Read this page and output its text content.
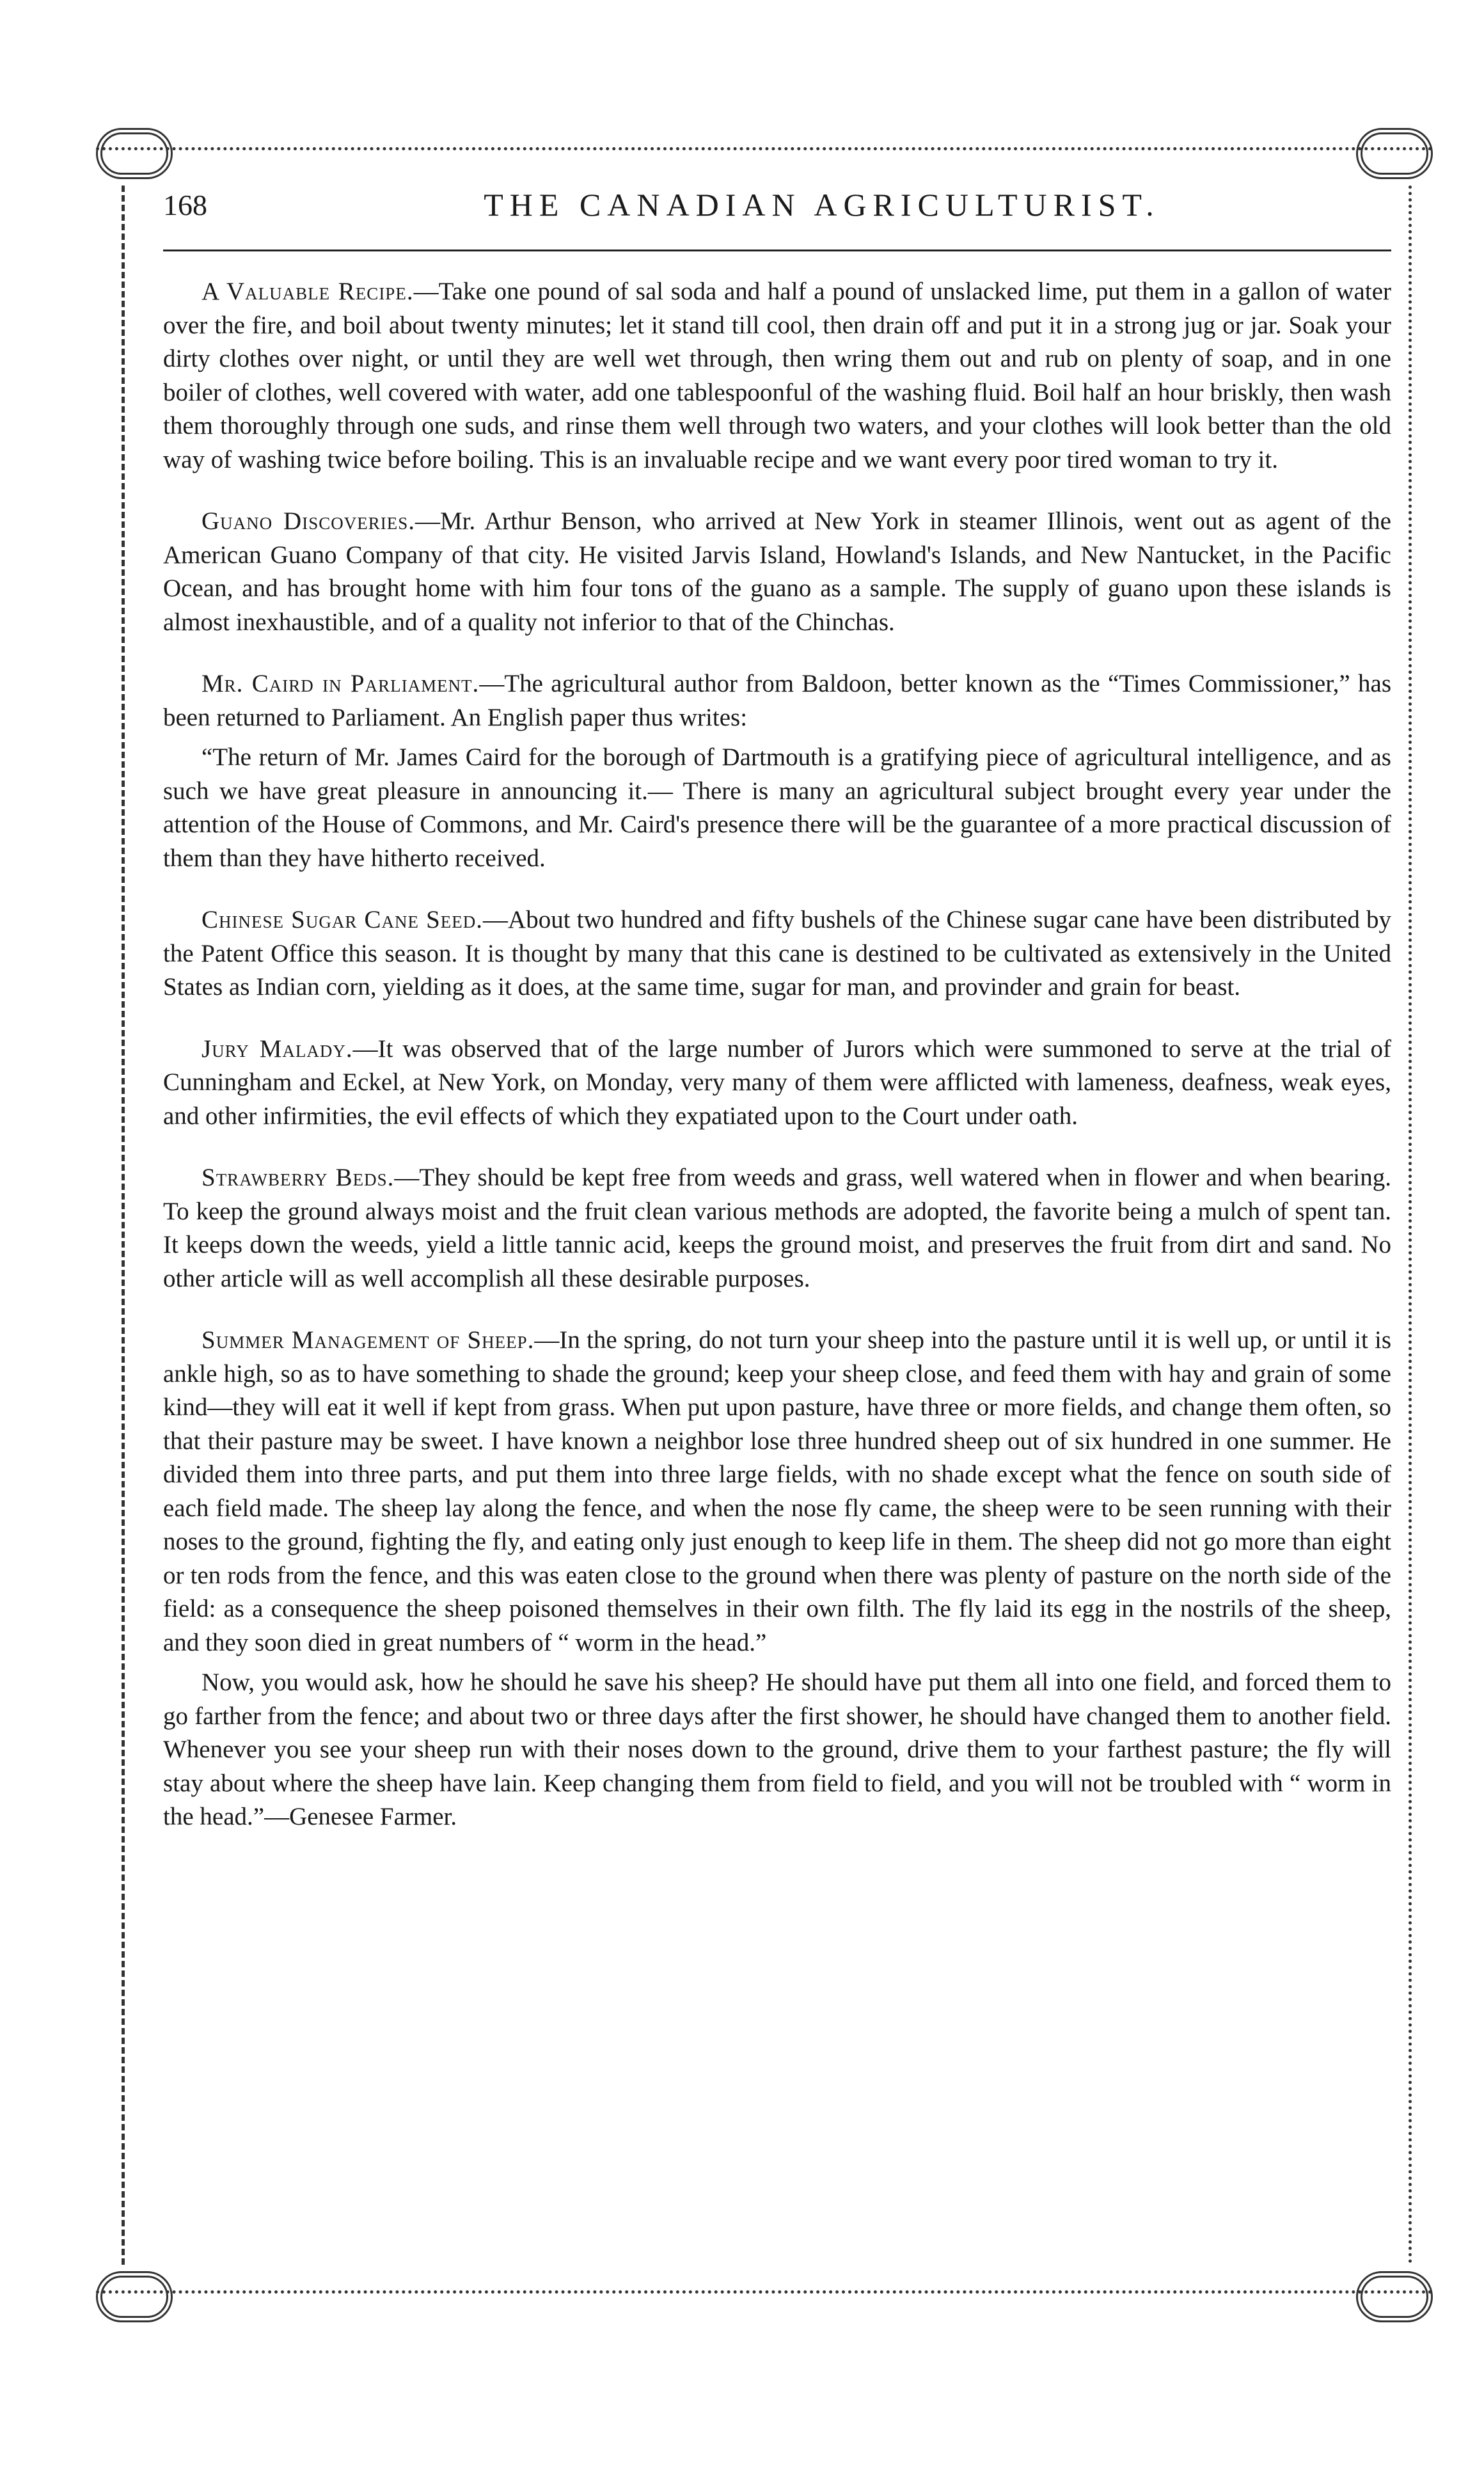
168	THE CANADIAN AGRICULTURIST.

A Valuable Recipe.—Take one pound of sal soda and half a pound of unslacked lime, put them in a gallon of water over the fire, and boil about twenty minutes; let it stand till cool, then drain off and put it in a strong jug or jar. Soak your dirty clothes over night, or until they are well wet through, then wring them out and rub on plenty of soap, and in one boiler of clothes, well covered with water, add one tablespoonful of the washing fluid. Boil half an hour briskly, then wash them thoroughly through one suds, and rinse them well through two waters, and your clothes will look better than the old way of washing twice before boiling. This is an invaluable recipe and we want every poor tired woman to try it.

Guano Discoveries.—Mr. Arthur Benson, who arrived at New York in steamer Illinois, went out as agent of the American Guano Company of that city. He visited Jarvis Island, Howland's Islands, and New Nantucket, in the Pacific Ocean, and has brought home with him four tons of the guano as a sample. The supply of guano upon these islands is almost inexhaustible, and of a quality not inferior to that of the Chinchas.

Mr. Caird in Parliament.—The agricultural author from Baldoon, better known as the “Times Commissioner,” has been returned to Parliament. An English paper thus writes:

“The return of Mr. James Caird for the borough of Dartmouth is a gratifying piece of agricultural intelligence, and as such we have great pleasure in announcing it.— There is many an agricultural subject brought every year under the attention of the House of Commons, and Mr. Caird's presence there will be the guarantee of a more practical discussion of them than they have hitherto received.

Chinese Sugar Cane Seed.—About two hundred and fifty bushels of the Chinese sugar cane have been distributed by the Patent Office this season. It is thought by many that this cane is destined to be cultivated as extensively in the United States as Indian corn, yielding as it does, at the same time, sugar for man, and provinder and grain for beast.

Jury Malady.—It was observed that of the large number of Jurors which were summoned to serve at the trial of Cunningham and Eckel, at New York, on Monday, very many of them were afflicted with lameness, deafness, weak eyes, and other infirmities, the evil effects of which they expatiated upon to the Court under oath.

Strawberry Beds.—They should be kept free from weeds and grass, well watered when in flower and when bearing. To keep the ground always moist and the fruit clean various methods are adopted, the favorite being a mulch of spent tan. It keeps down the weeds, yield a little tannic acid, keeps the ground moist, and preserves the fruit from dirt and sand. No other article will as well accomplish all these desirable purposes.

Summer Management of Sheep.—In the spring, do not turn your sheep into the pasture until it is well up, or until it is ankle high, so as to have something to shade the ground; keep your sheep close, and feed them with hay and grain of some kind—they will eat it well if kept from grass. When put upon pasture, have three or more fields, and change them often, so that their pasture may be sweet. I have known a neighbor lose three hundred sheep out of six hundred in one summer. He divided them into three parts, and put them into three large fields, with no shade except what the fence on south side of each field made. The sheep lay along the fence, and when the nose fly came, the sheep were to be seen running with their noses to the ground, fighting the fly, and eating only just enough to keep life in them. The sheep did not go more than eight or ten rods from the fence, and this was eaten close to the ground when there was plenty of pasture on the north side of the field: as a consequence the sheep poisoned themselves in their own filth. The fly laid its egg in the nostrils of the sheep, and they soon died in great numbers of “ worm in the head.”

Now, you would ask, how he should he save his sheep? He should have put them all into one field, and forced them to go farther from the fence; and about two or three days after the first shower, he should have changed them to another field. Whenever you see your sheep run with their noses down to the ground, drive them to your farthest pasture; the fly will stay about where the sheep have lain. Keep changing them from field to field, and you will not be troubled with “ worm in the head.”—Genesee Farmer.
